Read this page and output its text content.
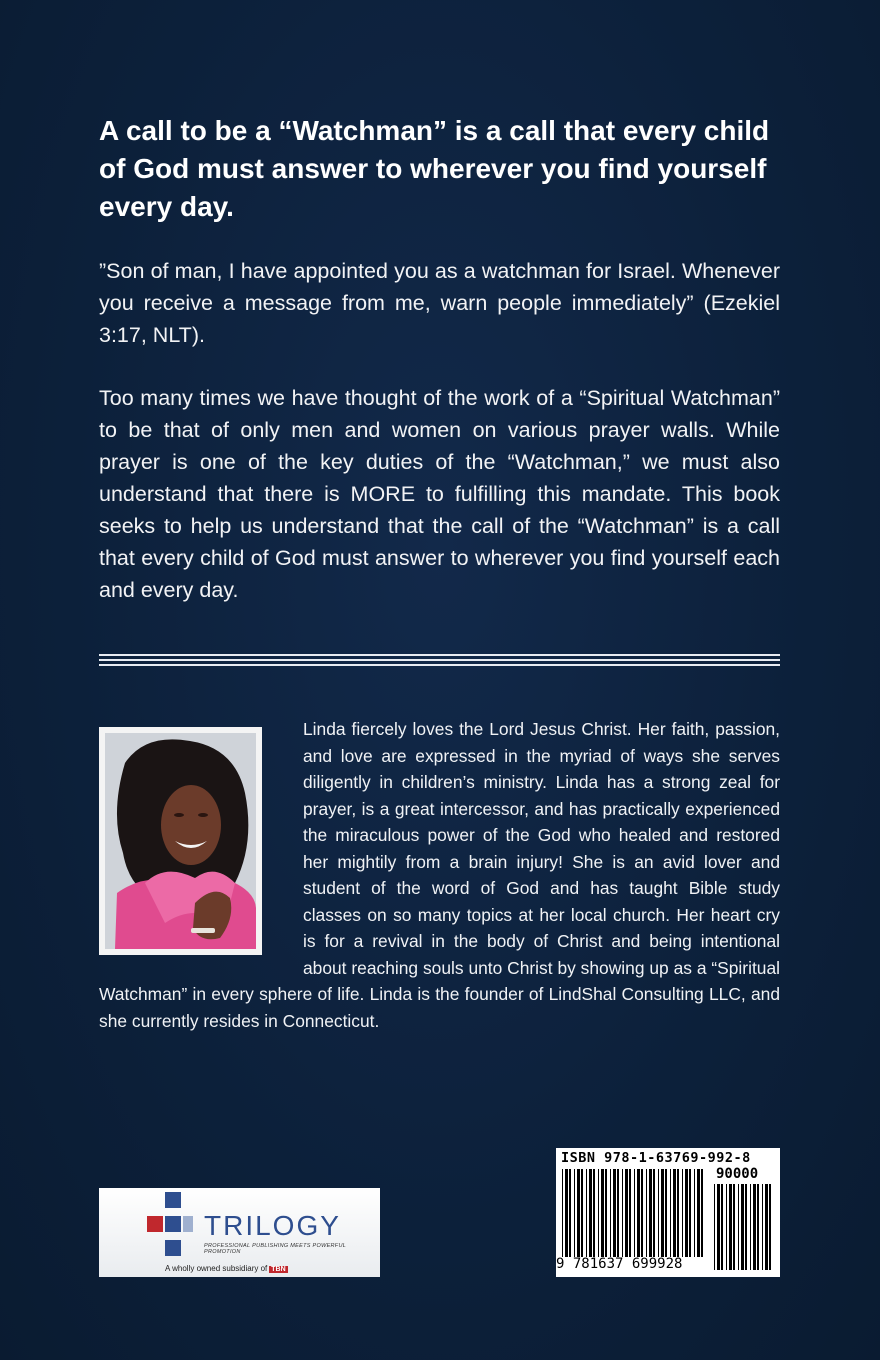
A call to be a “Watchman” is a call that every child of God must answer to wherever you find yourself every day.
”Son of man, I have appointed you as a watchman for Israel. Whenever you receive a message from me, warn people immediately” (Ezekiel 3:17, NLT).
Too many times we have thought of the work of a “Spiritual Watchman” to be that of only men and women on various prayer walls. While prayer is one of the key duties of the “Watchman,” we must also understand that there is MORE to fulfilling this mandate. This book seeks to help us understand that the call of the “Watchman” is a call that every child of God must answer to wherever you find yourself each and every day.
Linda fiercely loves the Lord Jesus Christ. Her faith, passion, and love are expressed in the myriad of ways she serves diligently in children’s ministry. Linda has a strong zeal for prayer, is a great intercessor, and has practically experienced the miraculous power of the God who healed and restored her mightily from a brain injury! She is an avid lover and student of the word of God and has taught Bible study classes on so many topics at her local church. Her heart cry is for a revival in the body of Christ and being intentional about reaching souls unto Christ by showing up as a “Spiritual Watchman” in every sphere of life. Linda is the founder of LindShal Consulting LLC, and she currently resides in Connecticut.
TRILOGY
PROFESSIONAL PUBLISHING MEETS POWERFUL PROMOTION
A wholly owned subsidiary of TBN
ISBN 978-1-63769-992-8
90000
9 781637 699928
